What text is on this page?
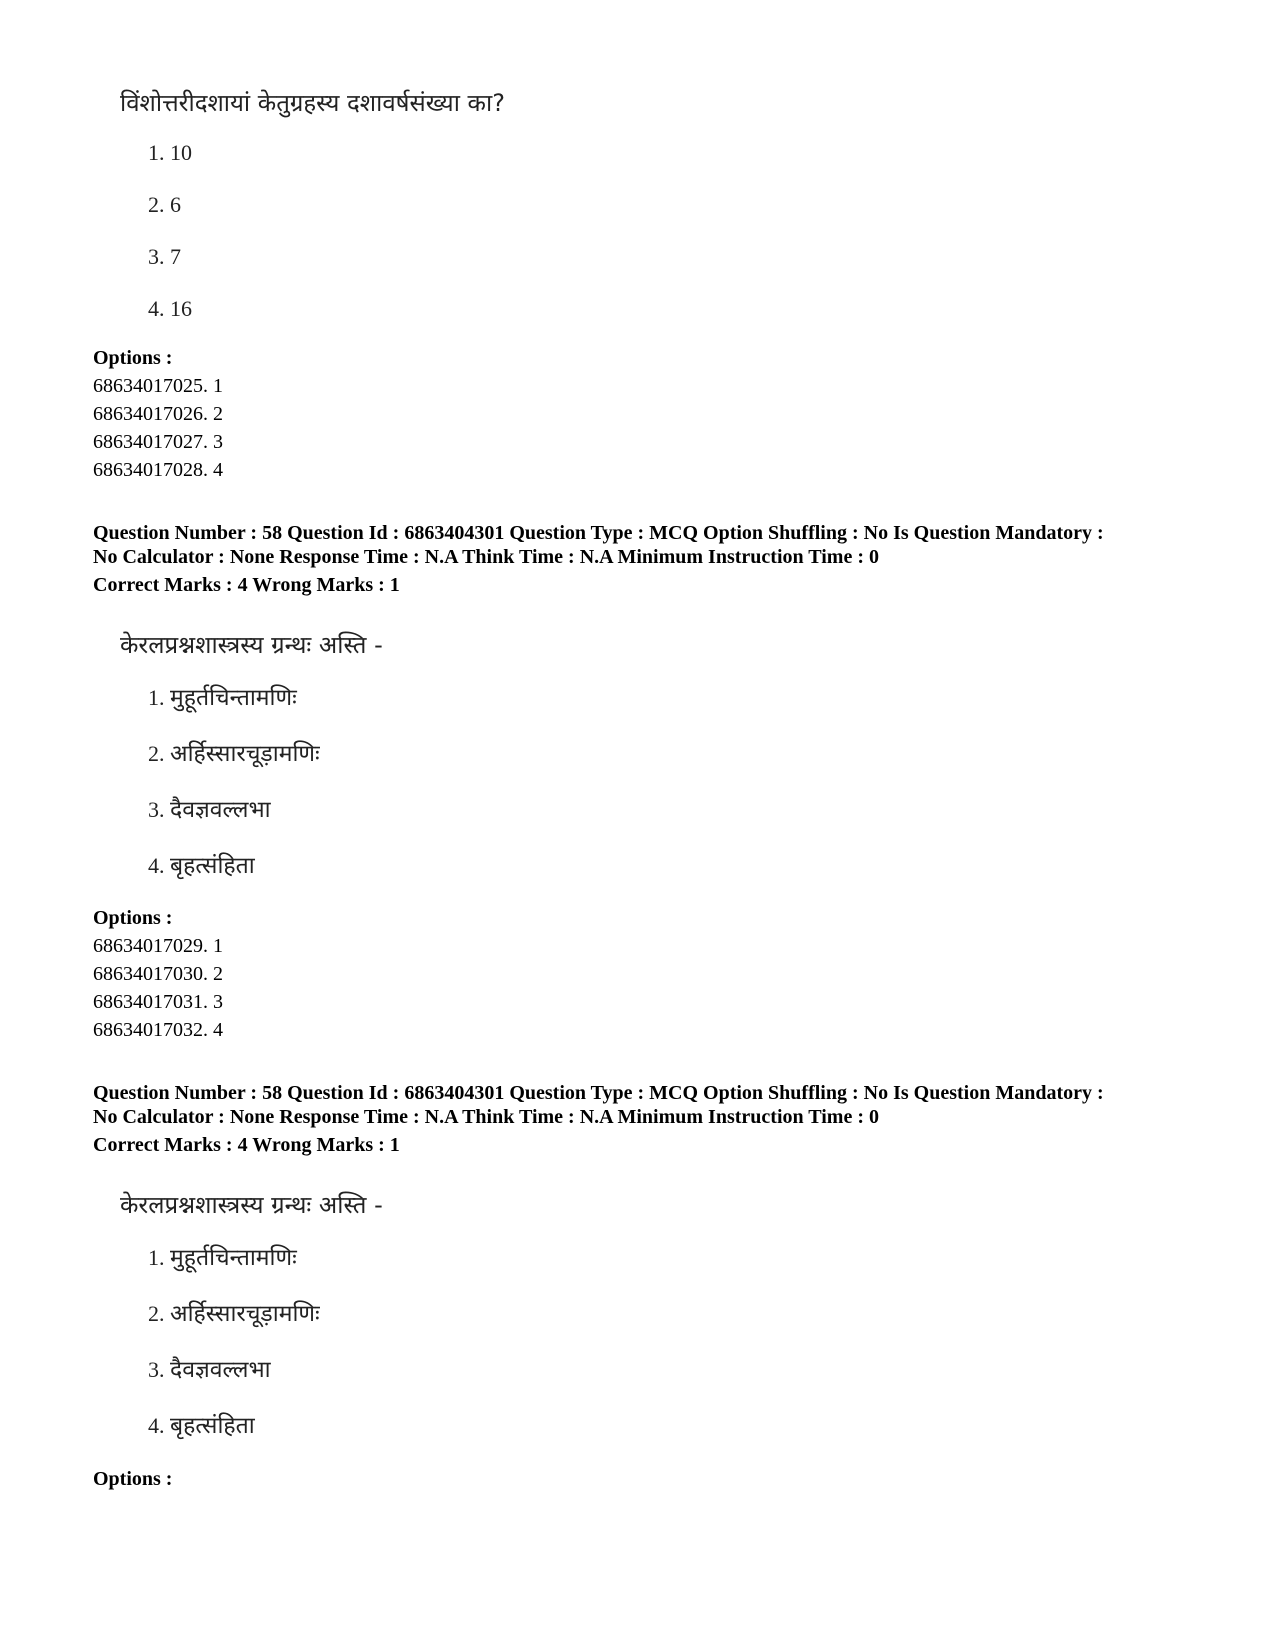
विंशोत्तरीदशायां केतुग्रहस्य दशावर्षसंख्या का?
1. 10
2. 6
3. 7
4. 16
Options :
68634017025. 1
68634017026. 2
68634017027. 3
68634017028. 4
Question Number : 58 Question Id : 6863404301 Question Type : MCQ Option Shuffling : No Is Question Mandatory :
No Calculator : None Response Time : N.A Think Time : N.A Minimum Instruction Time : 0
Correct Marks : 4 Wrong Marks : 1
केरलप्रश्नशास्त्रस्य ग्रन्थः अस्ति -
1. मुहूर्तचिन्तामणिः
2. अर्हिस्सारचूड़ामणिः
3. दैवज्ञवल्लभा
4. बृहत्संहिता
Options :
68634017029. 1
68634017030. 2
68634017031. 3
68634017032. 4
Question Number : 58 Question Id : 6863404301 Question Type : MCQ Option Shuffling : No Is Question Mandatory :
No Calculator : None Response Time : N.A Think Time : N.A Minimum Instruction Time : 0
Correct Marks : 4 Wrong Marks : 1
केरलप्रश्नशास्त्रस्य ग्रन्थः अस्ति -
1. मुहूर्तचिन्तामणिः
2. अर्हिस्सारचूड़ामणिः
3. दैवज्ञवल्लभा
4. बृहत्संहिता
Options :
